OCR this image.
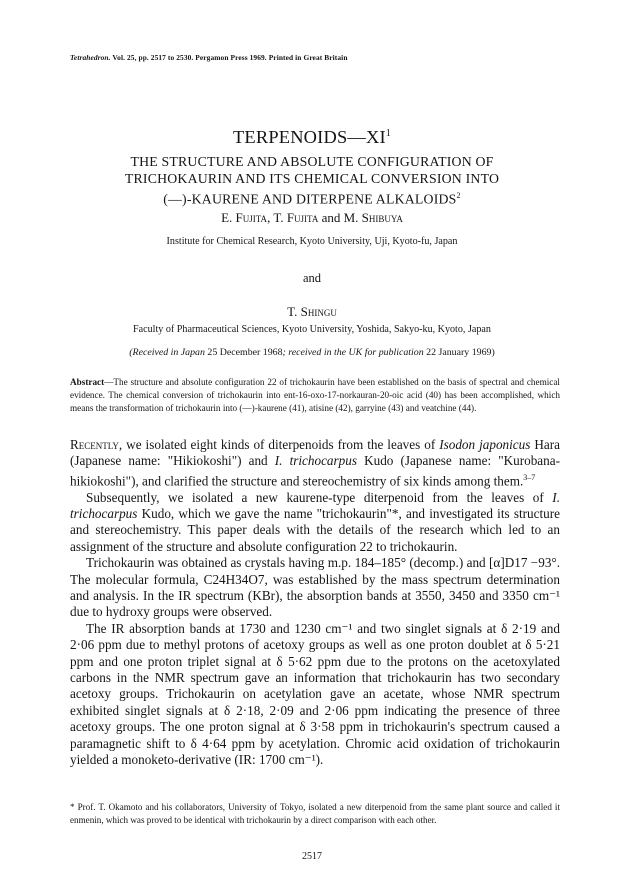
Tetrahedron. Vol. 25, pp. 2517 to 2530. Pergamon Press 1969. Printed in Great Britain
$TERPENOIDS—XI^1$
THE STRUCTURE AND ABSOLUTE CONFIGURATION OF
TRICHOKAURIN AND ITS CHEMICAL CONVERSION INTO
(—)-KAURENE AND DITERPENE ALKALOIDS$^2$
E. Fujita, T. Fujita and M. Shibuya
Institute for Chemical Research, Kyoto University, Uji, Kyoto-fu, Japan
and
T. Shingu
Faculty of Pharmaceutical Sciences, Kyoto University, Yoshida, Sakyo-ku, Kyoto, Japan
(Received in Japan 25 December 1968; received in the UK for publication 22 January 1969)
Abstract—The structure and absolute configuration 22 of trichokaurin have been established on the basis of spectral and chemical evidence. The chemical conversion of trichokaurin into ent-16-oxo-17-norkauran-20-oic acid (40) has been accomplished, which means the transformation of trichokaurin into (—)-kaurene (41), atisine (42), garryine (43) and veatchine (44).

Recently, we isolated eight kinds of diterpenoids from the leaves of Isodon japonicus Hara (Japanese name: "Hikiokoshi") and I. trichocarpus Kudo (Japanese name: "Kurobana-hikiokoshi"), and clarified the structure and stereochemistry of six kinds among them.$^{3-7}$

Subsequently, we isolated a new kaurene-type diterpenoid from the leaves of I. trichocarpus Kudo, which we gave the name "trichokaurin"*, and investigated its structure and stereochemistry. This paper deals with the details of the research which led to an assignment of the structure and absolute configuration 22 to trichokaurin.

Trichokaurin was obtained as crystals having m.p. 184–185° (decomp.) and [α]D17 −93°. The molecular formula, C24H34O7, was established by the mass spectrum determination and analysis. In the IR spectrum (KBr), the absorption bands at 3550, 3450 and 3350 cm⁻¹ due to hydroxy groups were observed.

The IR absorption bands at 1730 and 1230 cm⁻¹ and two singlet signals at δ 2·19 and 2·06 ppm due to methyl protons of acetoxy groups as well as one proton doublet at δ 5·21 ppm and one proton triplet signal at δ 5·62 ppm due to the protons on the acetoxylated carbons in the NMR spectrum gave an information that trichokaurin has two secondary acetoxy groups. Trichokaurin on acetylation gave an acetate, whose NMR spectrum exhibited singlet signals at δ 2·18, 2·09 and 2·06 ppm indicating the presence of three acetoxy groups. The one proton signal at δ 3·58 ppm in trichokaurin's spectrum caused a paramagnetic shift to δ 4·64 ppm by acetylation. Chromic acid oxidation of trichokaurin yielded a monoketo-derivative (IR: 1700 cm⁻¹).

* Prof. T. Okamoto and his collaborators, University of Tokyo, isolated a new diterpenoid from the same plant source and called it enmenin, which was proved to be identical with trichokaurin by a direct comparison with each other.
2517
